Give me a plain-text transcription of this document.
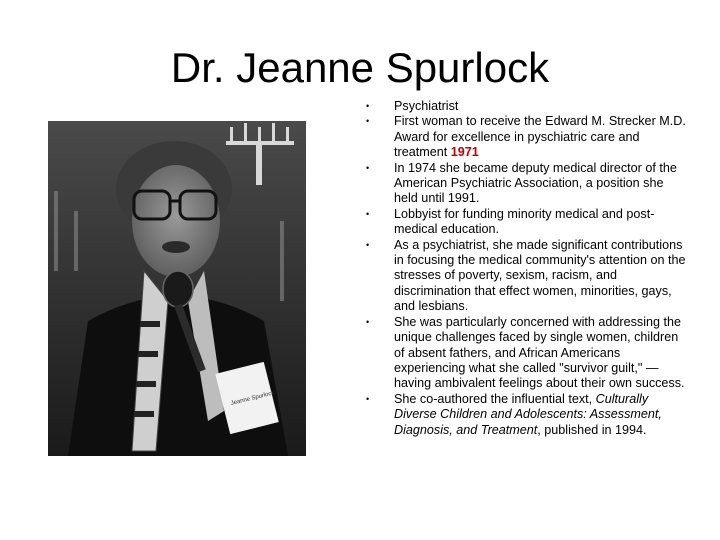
Dr. Jeanne Spurlock
Jeanne Spurlock
• Psychiatrist
• First woman to receive the Edward M. Strecker M.D. Award for excellence in pyschiatric care and treatment 1971
• In 1974 she became deputy medical director of the American Psychiatric Association, a position she held until 1991.
• Lobbyist for funding minority medical and post-medical education.
• As a psychiatrist, she made significant contributions in focusing the medical community's attention on the stresses of poverty, sexism, racism, and discrimination that effect women, minorities, gays, and lesbians.
• She was particularly concerned with addressing the unique challenges faced by single women, children of absent fathers, and African Americans experiencing what she called "survivor guilt," —having ambivalent feelings about their own success.
• She co-authored the influential text, Culturally Diverse Children and Adolescents: Assessment, Diagnosis, and Treatment, published in 1994.
